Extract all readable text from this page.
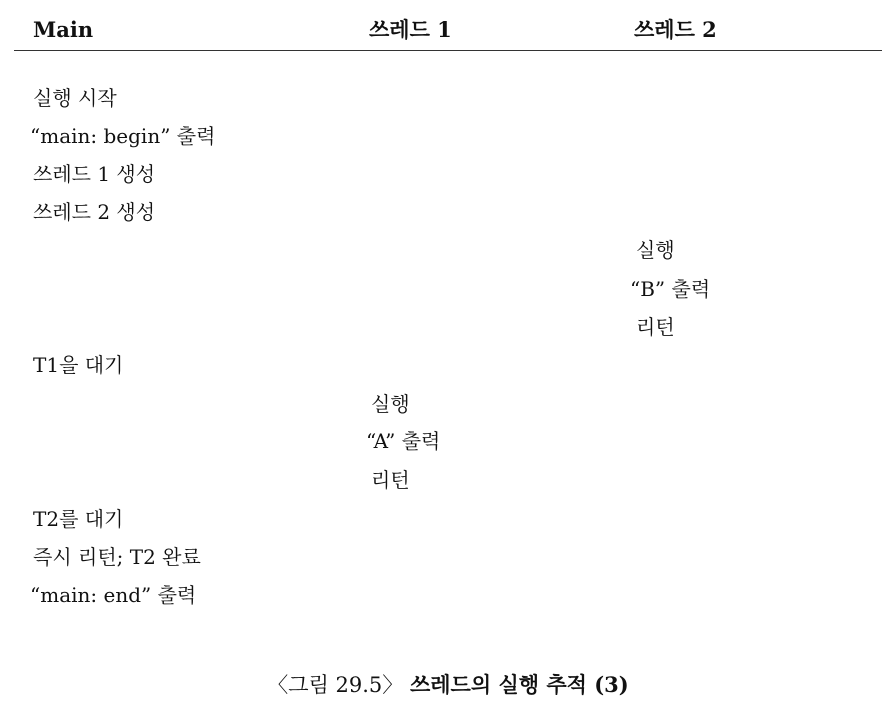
Main	쓰레드 1	쓰레드 2
실행 시작
“main: begin” 출력
쓰레드 1 생성
쓰레드 2 생성
실행
“B” 출력
리턴
T1을 대기
실행
“A” 출력
리턴
T2를 대기
즉시 리턴; T2 완료
“main: end” 출력
〈그림 29.5〉 쓰레드의 실행 추적 (3)
